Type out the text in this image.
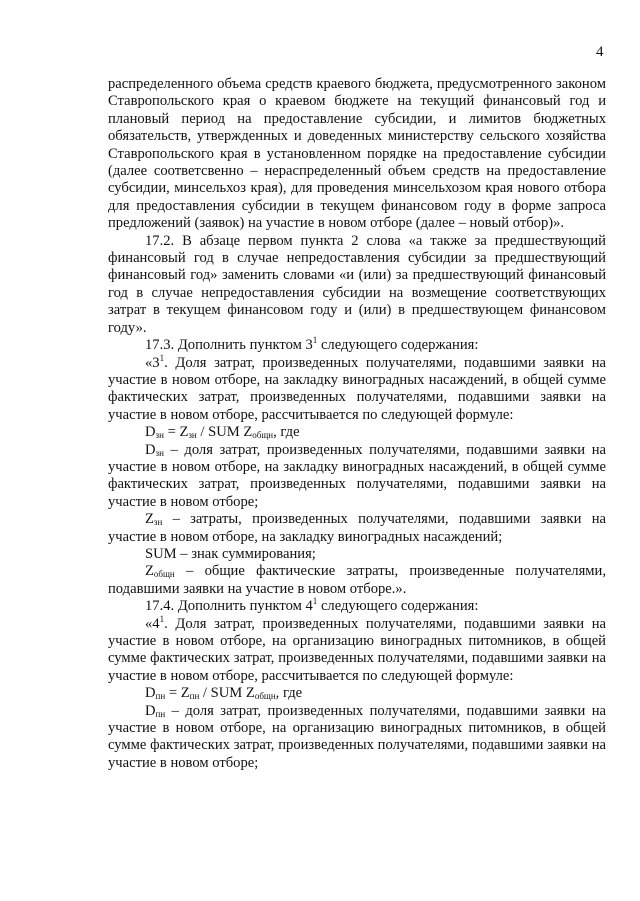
4

распределенного объема средств краевого бюджета, предусмотренного законом Ставропольского края о краевом бюджете на текущий финансовый год и плановый период на предоставление субсидии, и лимитов бюджетных обязательств, утвержденных и доведенных министерству сельского хозяйства Ставропольского края в установленном порядке на предоставление субсидии (далее соответсвенно – нераспределенный объем средств на предоставление субсидии, минсельхоз края), для проведения минсельхозом края нового отбора для предоставления субсидии в текущем финансовом году в форме запроса предложений (заявок) на участие в новом отборе (далее – новый отбор)».

17.2. В абзаце первом пункта 2 слова «а также за предшествующий финансовый год в случае непредоставления субсидии за предшествующий финансовый год» заменить словами «и (или) за предшествующий финансовый год в случае непредоставления субсидии на возмещение соответствующих затрат в текущем финансовом году и (или) в предшествующем финансовом году».

17.3. Дополнить пунктом $3^1$ следующего содержания:

«$3^1$. Доля затрат, произведенных получателями, подавшими заявки на участие в новом отборе, на закладку виноградных насаждений, в общей сумме фактических затрат, произведенных получателями, подавшими заявки на участие в новом отборе, рассчитывается по следующей формуле:

$D_{зн} = Z_{зн}$ / SUM $Z_{общн}$, где

$D_{зн}$ – доля затрат, произведенных получателями, подавшими заявки на участие в новом отборе, на закладку виноградных насаждений, в общей сумме фактических затрат, произведенных получателями, подавшими заявки на участие в новом отборе;

$Z_{зн}$ – затраты, произведенных получателями, подавшими заявки на участие в новом отборе, на закладку виноградных насаждений;

SUM – знак суммирования;

$Z_{общн}$ – общие фактические затраты, произведенные получателями, подавшими заявки на участие в новом отборе.».

17.4. Дополнить пунктом $4^1$ следующего содержания:

«$4^1$. Доля затрат, произведенных получателями, подавшими заявки на участие в новом отборе, на организацию виноградных питомников, в общей сумме фактических затрат, произведенных получателями, подавшими заявки на участие в новом отборе, рассчитывается по следующей формуле:

$D_{пн} = Z_{пн}$ / SUM $Z_{общн}$, где

$D_{пн}$ – доля затрат, произведенных получателями, подавшими заявки на участие в новом отборе, на организацию виноградных питомников, в общей сумме фактических затрат, произведенных получателями, подавшими заявки на участие в новом отборе;
